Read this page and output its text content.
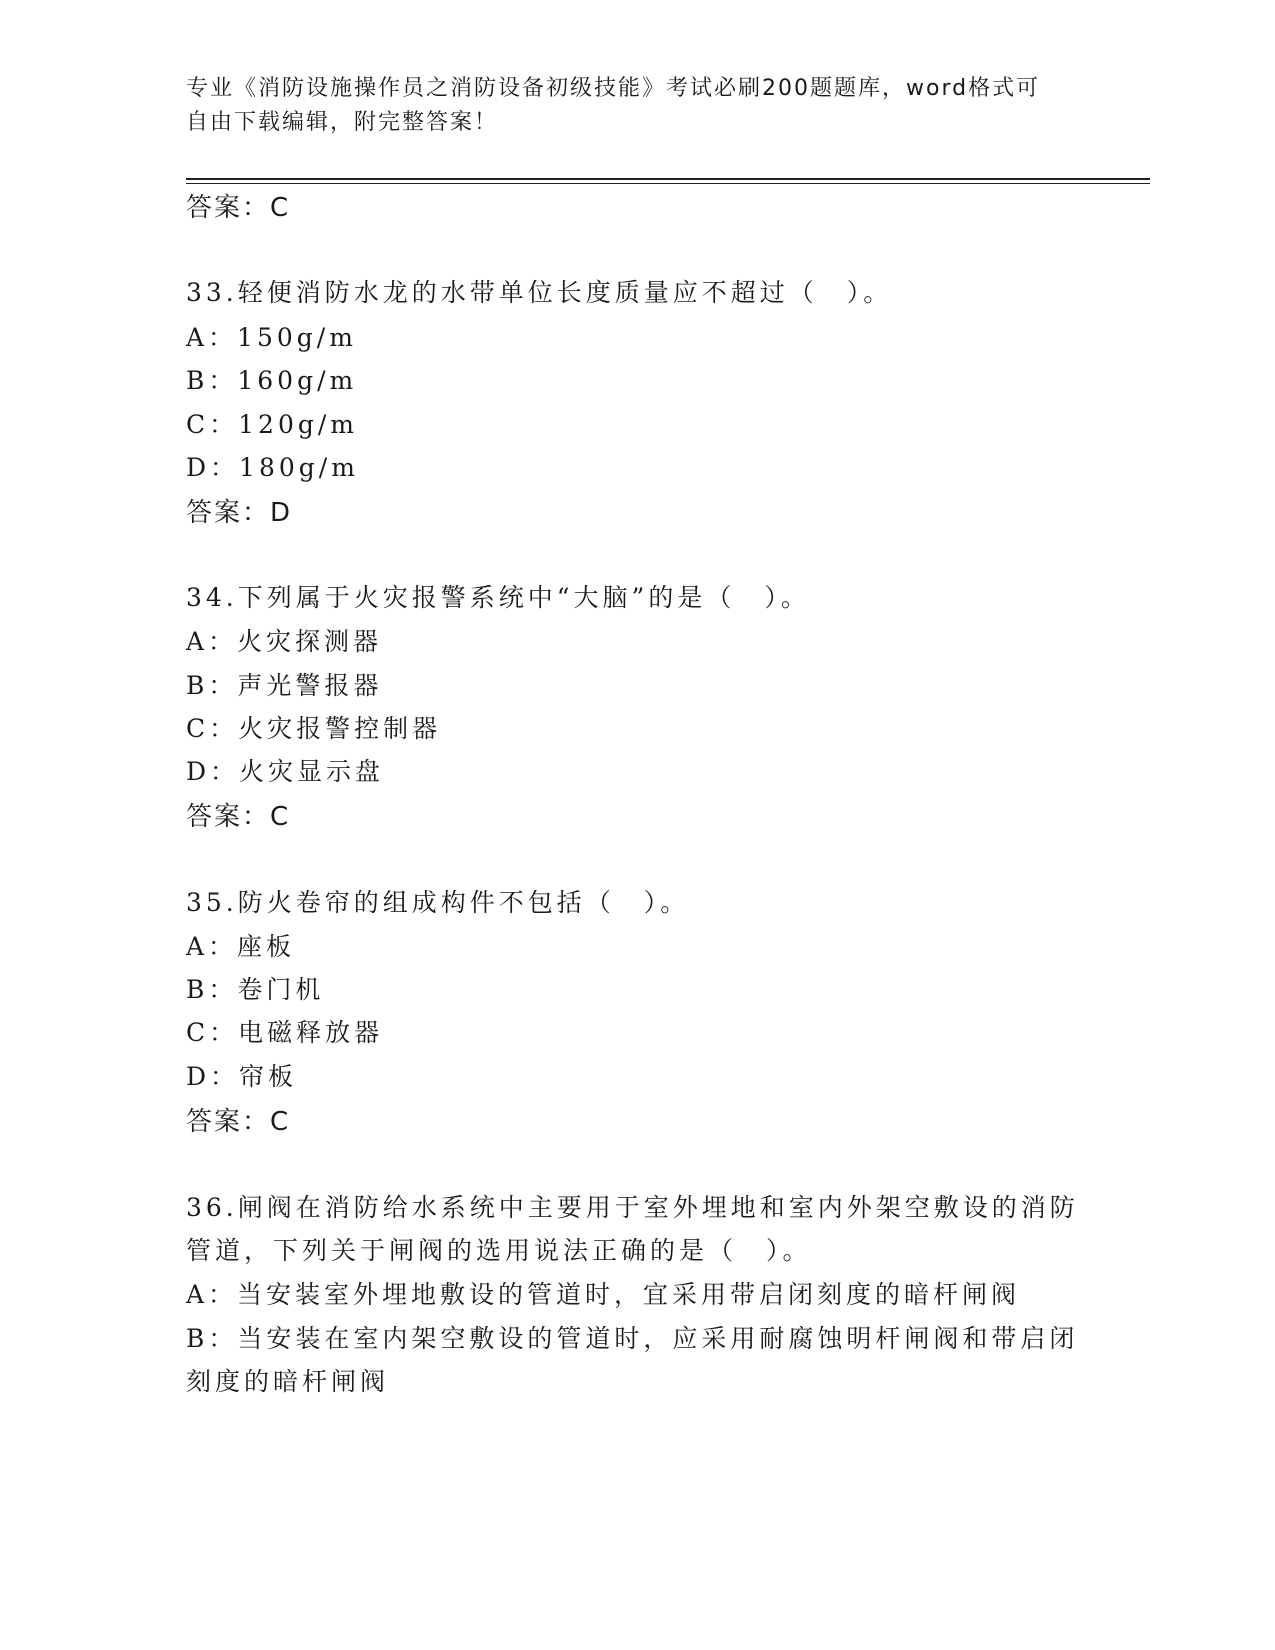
专业《消防设施操作员之消防设备初级技能》考试必刷200题题库，word格式可
自由下载编辑，附完整答案！
答案：C
33.轻便消防水龙的水带单位长度质量应不超过（　）。
A：150g/m
B：160g/m
C：120g/m
D：180g/m
答案：D
34.下列属于火灾报警系统中“大脑”的是（　）。
A：火灾探测器
B：声光警报器
C：火灾报警控制器
D：火灾显示盘
答案：C
35.防火卷帘的组成构件不包括（　）。
A：座板
B：卷门机
C：电磁释放器
D：帘板
答案：C
36.闸阀在消防给水系统中主要用于室外埋地和室内外架空敷设的消防
管道，下列关于闸阀的选用说法正确的是（　）。
A：当安装室外埋地敷设的管道时，宜采用带启闭刻度的暗杆闸阀
B：当安装在室内架空敷设的管道时，应采用耐腐蚀明杆闸阀和带启闭
刻度的暗杆闸阀
